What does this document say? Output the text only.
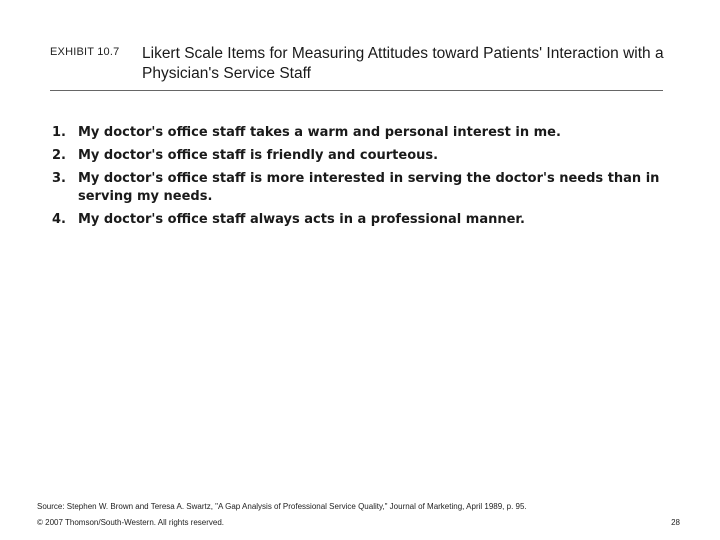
EXHIBIT 10.7 Likert Scale Items for Measuring Attitudes toward Patients' Interaction with a Physician's Service Staff
1. My doctor's office staff takes a warm and personal interest in me.
2. My doctor's office staff is friendly and courteous.
3. My doctor's office staff is more interested in serving the doctor's needs than in serving my needs.
4. My doctor's office staff always acts in a professional manner.
Source: Stephen W. Brown and Teresa A. Swartz, "A Gap Analysis of Professional Service Quality," Journal of Marketing, April 1989, p. 95.
© 2007 Thomson/South-Western. All rights reserved.	28
